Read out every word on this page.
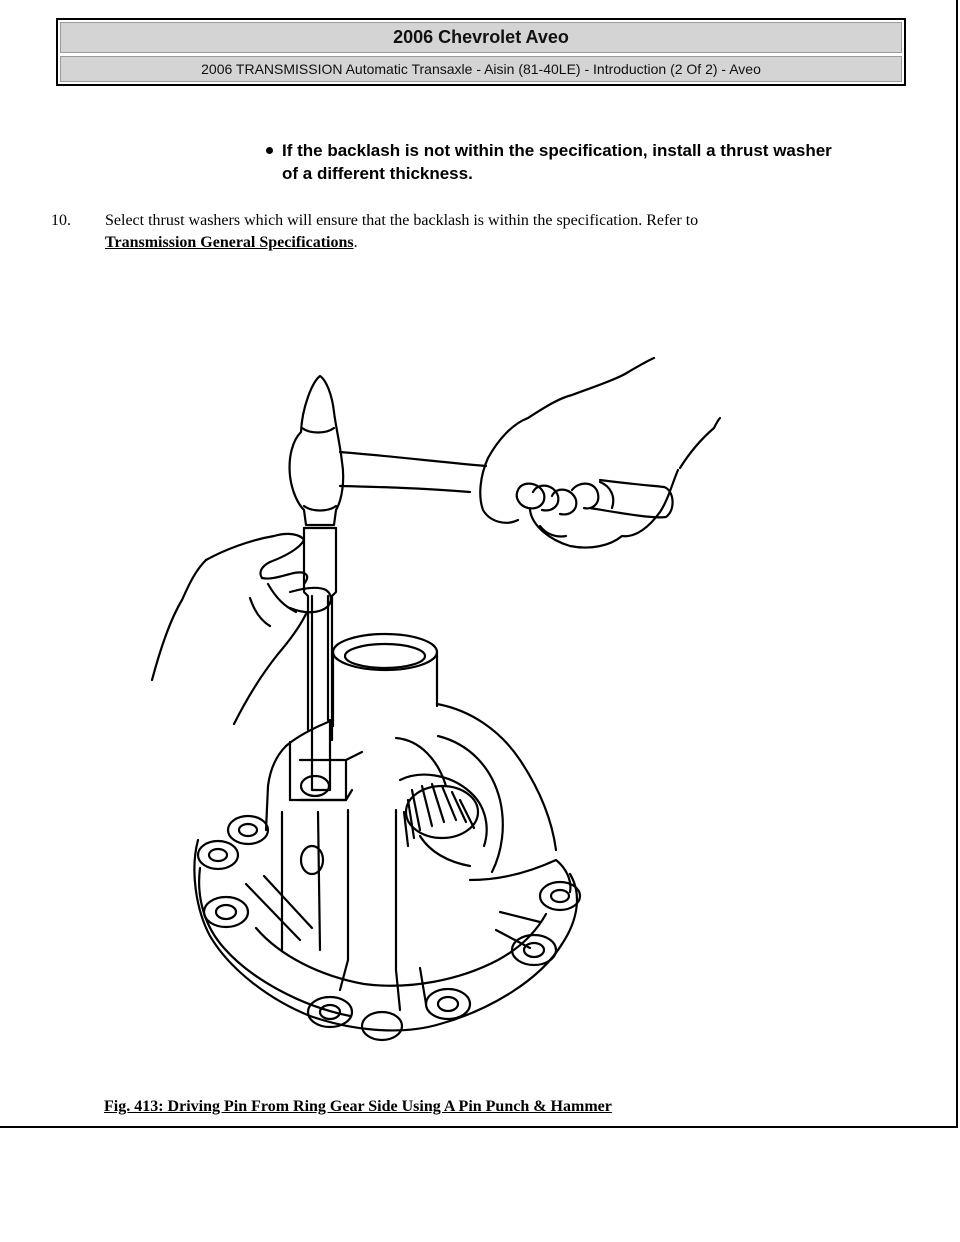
2006 Chevrolet Aveo
2006 TRANSMISSION Automatic Transaxle - Aisin (81-40LE) - Introduction (2 Of 2) - Aveo
If the backlash is not within the specification, install a thrust washer
of a different thickness.
10. Select thrust washers which will ensure that the backlash is within the specification. Refer to
Transmission General Specifications.
Fig. 413: Driving Pin From Ring Gear Side Using A Pin Punch & Hammer
